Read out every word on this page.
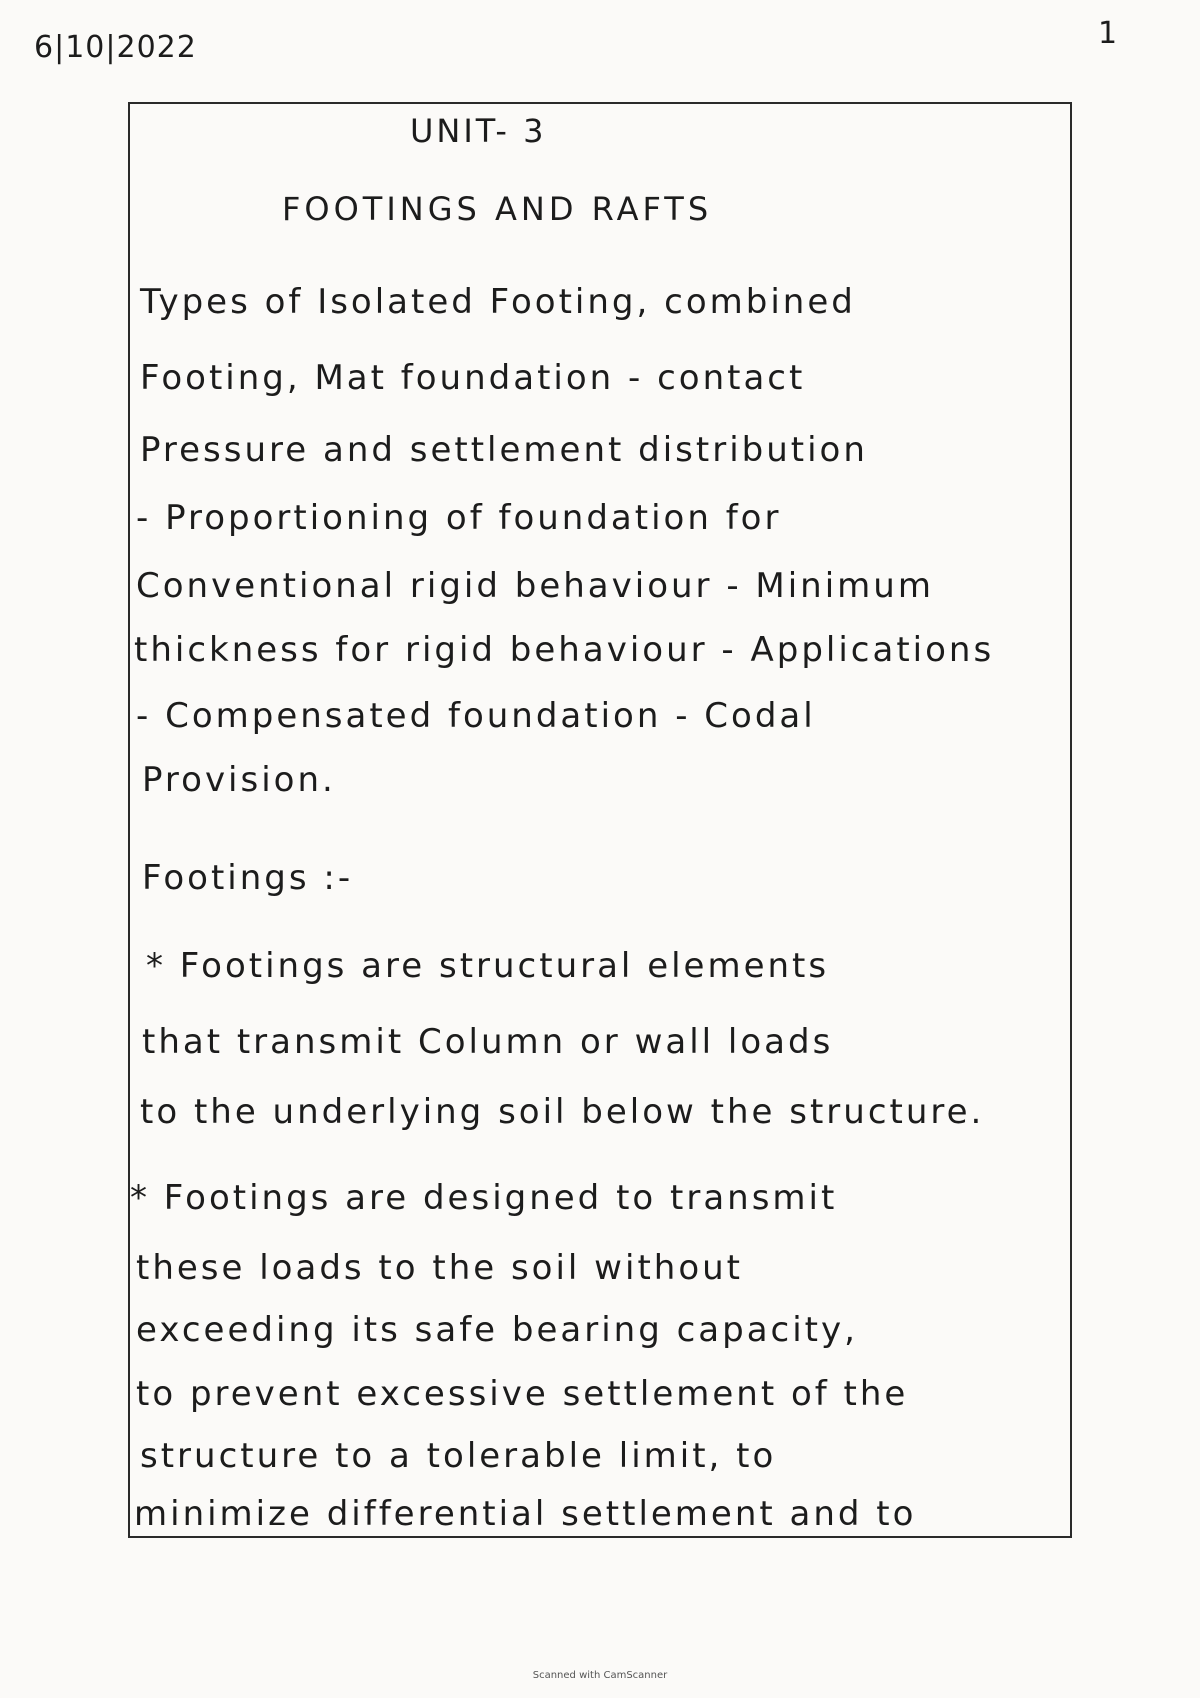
6|10|2022	1
UNIT- 3
FOOTINGS AND RAFTS
Types of Isolated Footing, combined
Footing, Mat foundation - contact
Pressure and settlement distribution
- Proportioning of foundation for
Conventional rigid behaviour - Minimum
thickness for rigid behaviour - Applications
- Compensated foundation - Codal
Provision.
Footings :-
* Footings are structural elements
that transmit Column or wall loads
to the underlying soil below the structure.
* Footings are designed to transmit
these loads to the soil without
exceeding its safe bearing capacity,
to prevent excessive settlement of the
structure to a tolerable limit, to
minimize differential settlement and to
Scanned with CamScanner
